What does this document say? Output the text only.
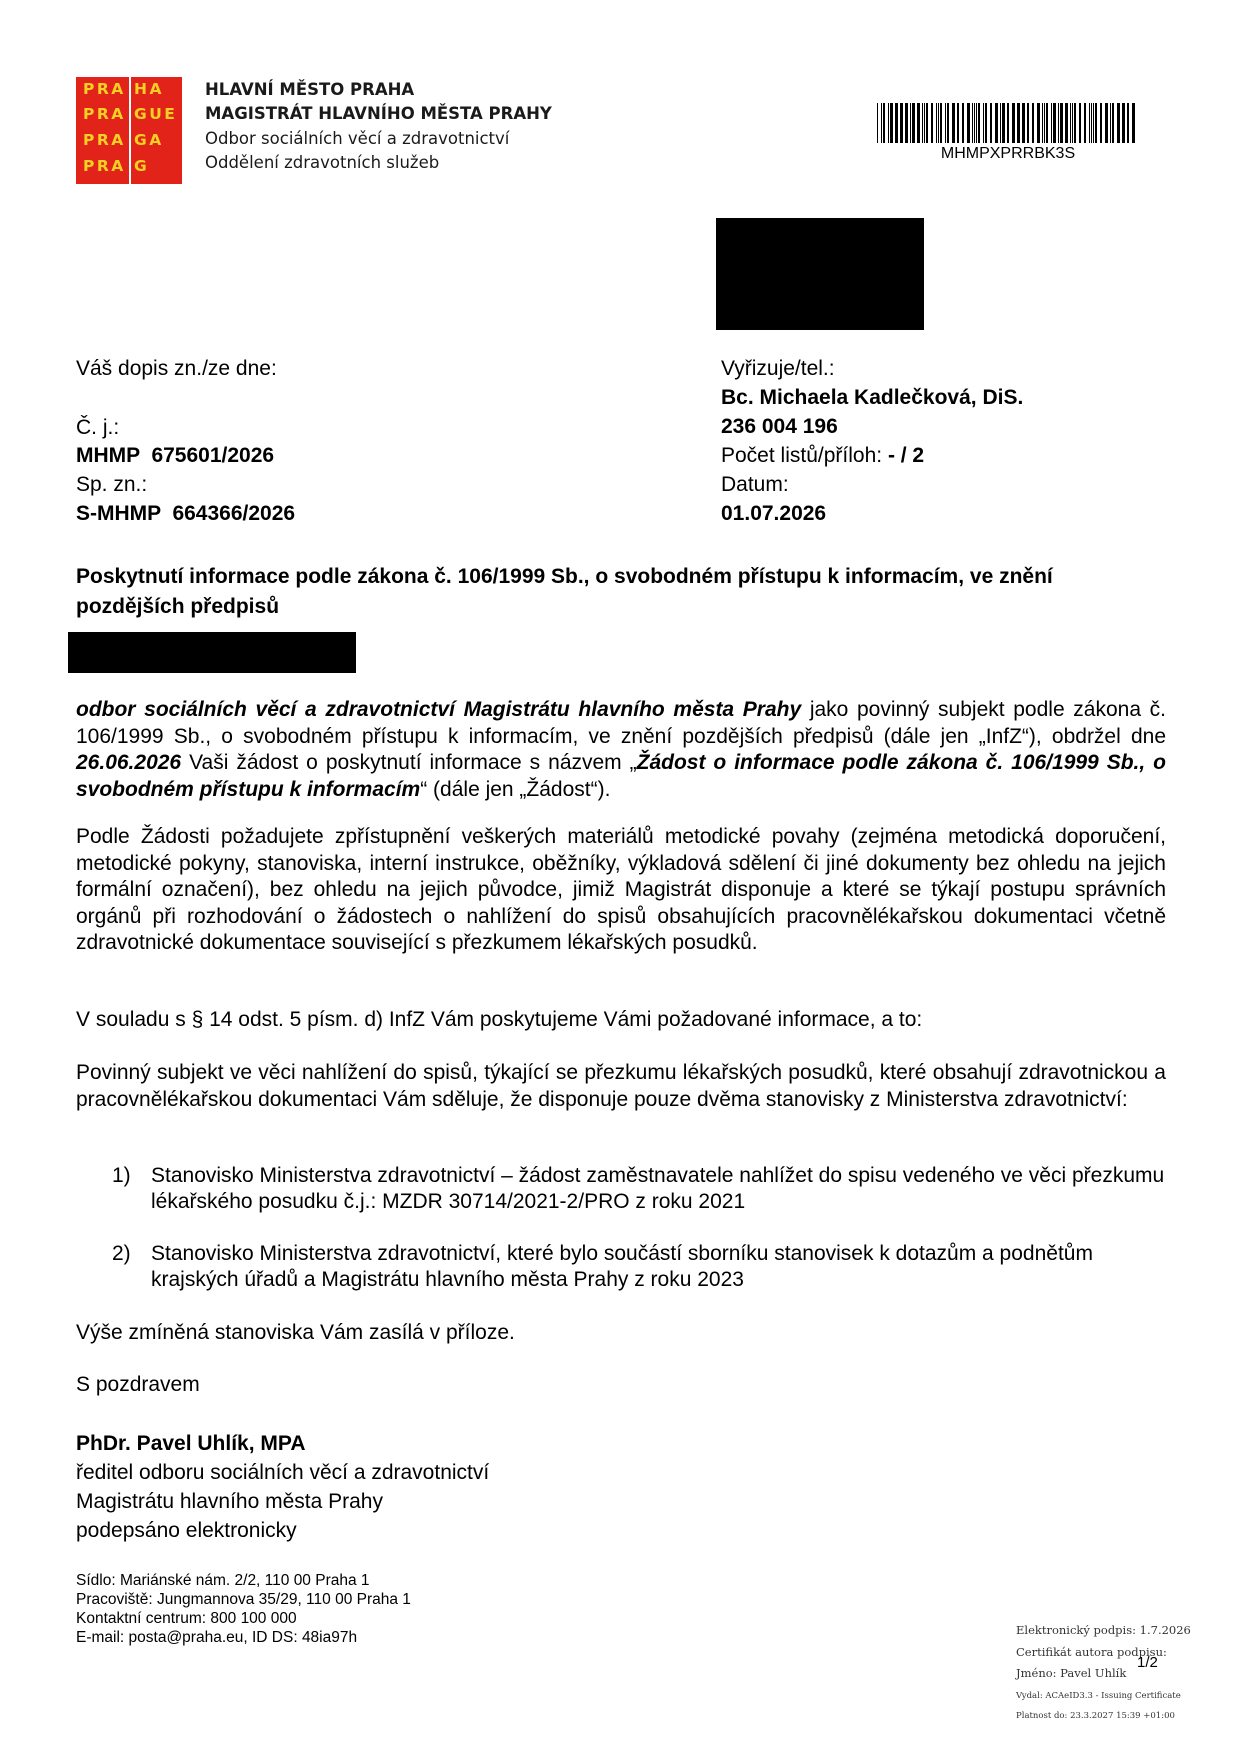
PRA HA
PRA GUE
PRA GA
PRA G
HLAVNÍ MĚSTO PRAHA
MAGISTRÁT HLAVNÍHO MĚSTA PRAHY
Odbor sociálních věcí a zdravotnictví
Oddělení zdravotních služeb	MHMPXPRRBK3S
Váš dopis zn./ze dne:
Č. j.:
MHMP  675601/2026
Sp. zn.:
S-MHMP  664366/2026
Vyřizuje/tel.:
Bc. Michaela Kadlečková, DiS.
236 004 196
Počet listů/příloh: - / 2
Datum:
01.07.2026
Poskytnutí informace podle zákona č. 106/1999 Sb., o svobodném přístupu k informacím, ve znění pozdějších předpisů
odbor sociálních věcí a zdravotnictví Magistrátu hlavního města Prahy jako povinný subjekt podle zákona č. 106/1999 Sb., o svobodném přístupu k informacím, ve znění pozdějších předpisů (dále jen „InfZ“), obdržel dne 26.06.2026 Vaši žádost o poskytnutí informace s názvem „Žádost o informace podle zákona č. 106/1999 Sb., o svobodném přístupu k informacím“ (dále jen „Žádost“).
Podle Žádosti požadujete zpřístupnění veškerých materiálů metodické povahy (zejména metodická doporučení, metodické pokyny, stanoviska, interní instrukce, oběžníky, výkladová sdělení či jiné dokumenty bez ohledu na jejich formální označení), bez ohledu na jejich původce, jimiž Magistrát disponuje a které se týkají postupu správních orgánů při rozhodování o žádostech o nahlížení do spisů obsahujících pracovnělékařskou dokumentaci včetně zdravotnické dokumentace související s přezkumem lékařských posudků.
V souladu s § 14 odst. 5 písm. d) InfZ Vám poskytujeme Vámi požadované informace, a to:
Povinný subjekt ve věci nahlížení do spisů, týkající se přezkumu lékařských posudků, které obsahují zdravotnickou a pracovnělékařskou dokumentaci Vám sděluje, že disponuje pouze dvěma stanovisky z Ministerstva zdravotnictví:
1) Stanovisko Ministerstva zdravotnictví – žádost zaměstnavatele nahlížet do spisu vedeného ve věci přezkumu lékařského posudku č.j.: MZDR 30714/2021-2/PRO z roku 2021
2) Stanovisko Ministerstva zdravotnictví, které bylo součástí sborníku stanovisek k dotazům a podnětům krajských úřadů a Magistrátu hlavního města Prahy z roku 2023
Výše zmíněná stanoviska Vám zasílá v příloze.
S pozdravem
PhDr. Pavel Uhlík, MPA
ředitel odboru sociálních věcí a zdravotnictví
Magistrátu hlavního města Prahy
podepsáno elektronicky
Sídlo: Mariánské nám. 2/2, 110 00 Praha 1
Pracoviště: Jungmannova 35/29, 110 00 Praha 1
Kontaktní centrum: 800 100 000
E-mail: posta@praha.eu, ID DS: 48ia97h	Elektronický podpis: 1.7.2026
Certifikát autora podpisu:
Jméno: Pavel Uhlík
Vydal: ACAeID3.3 - Issuing Certificate
Platnost do: 23.3.2027 15:39 +01:00
1/2
